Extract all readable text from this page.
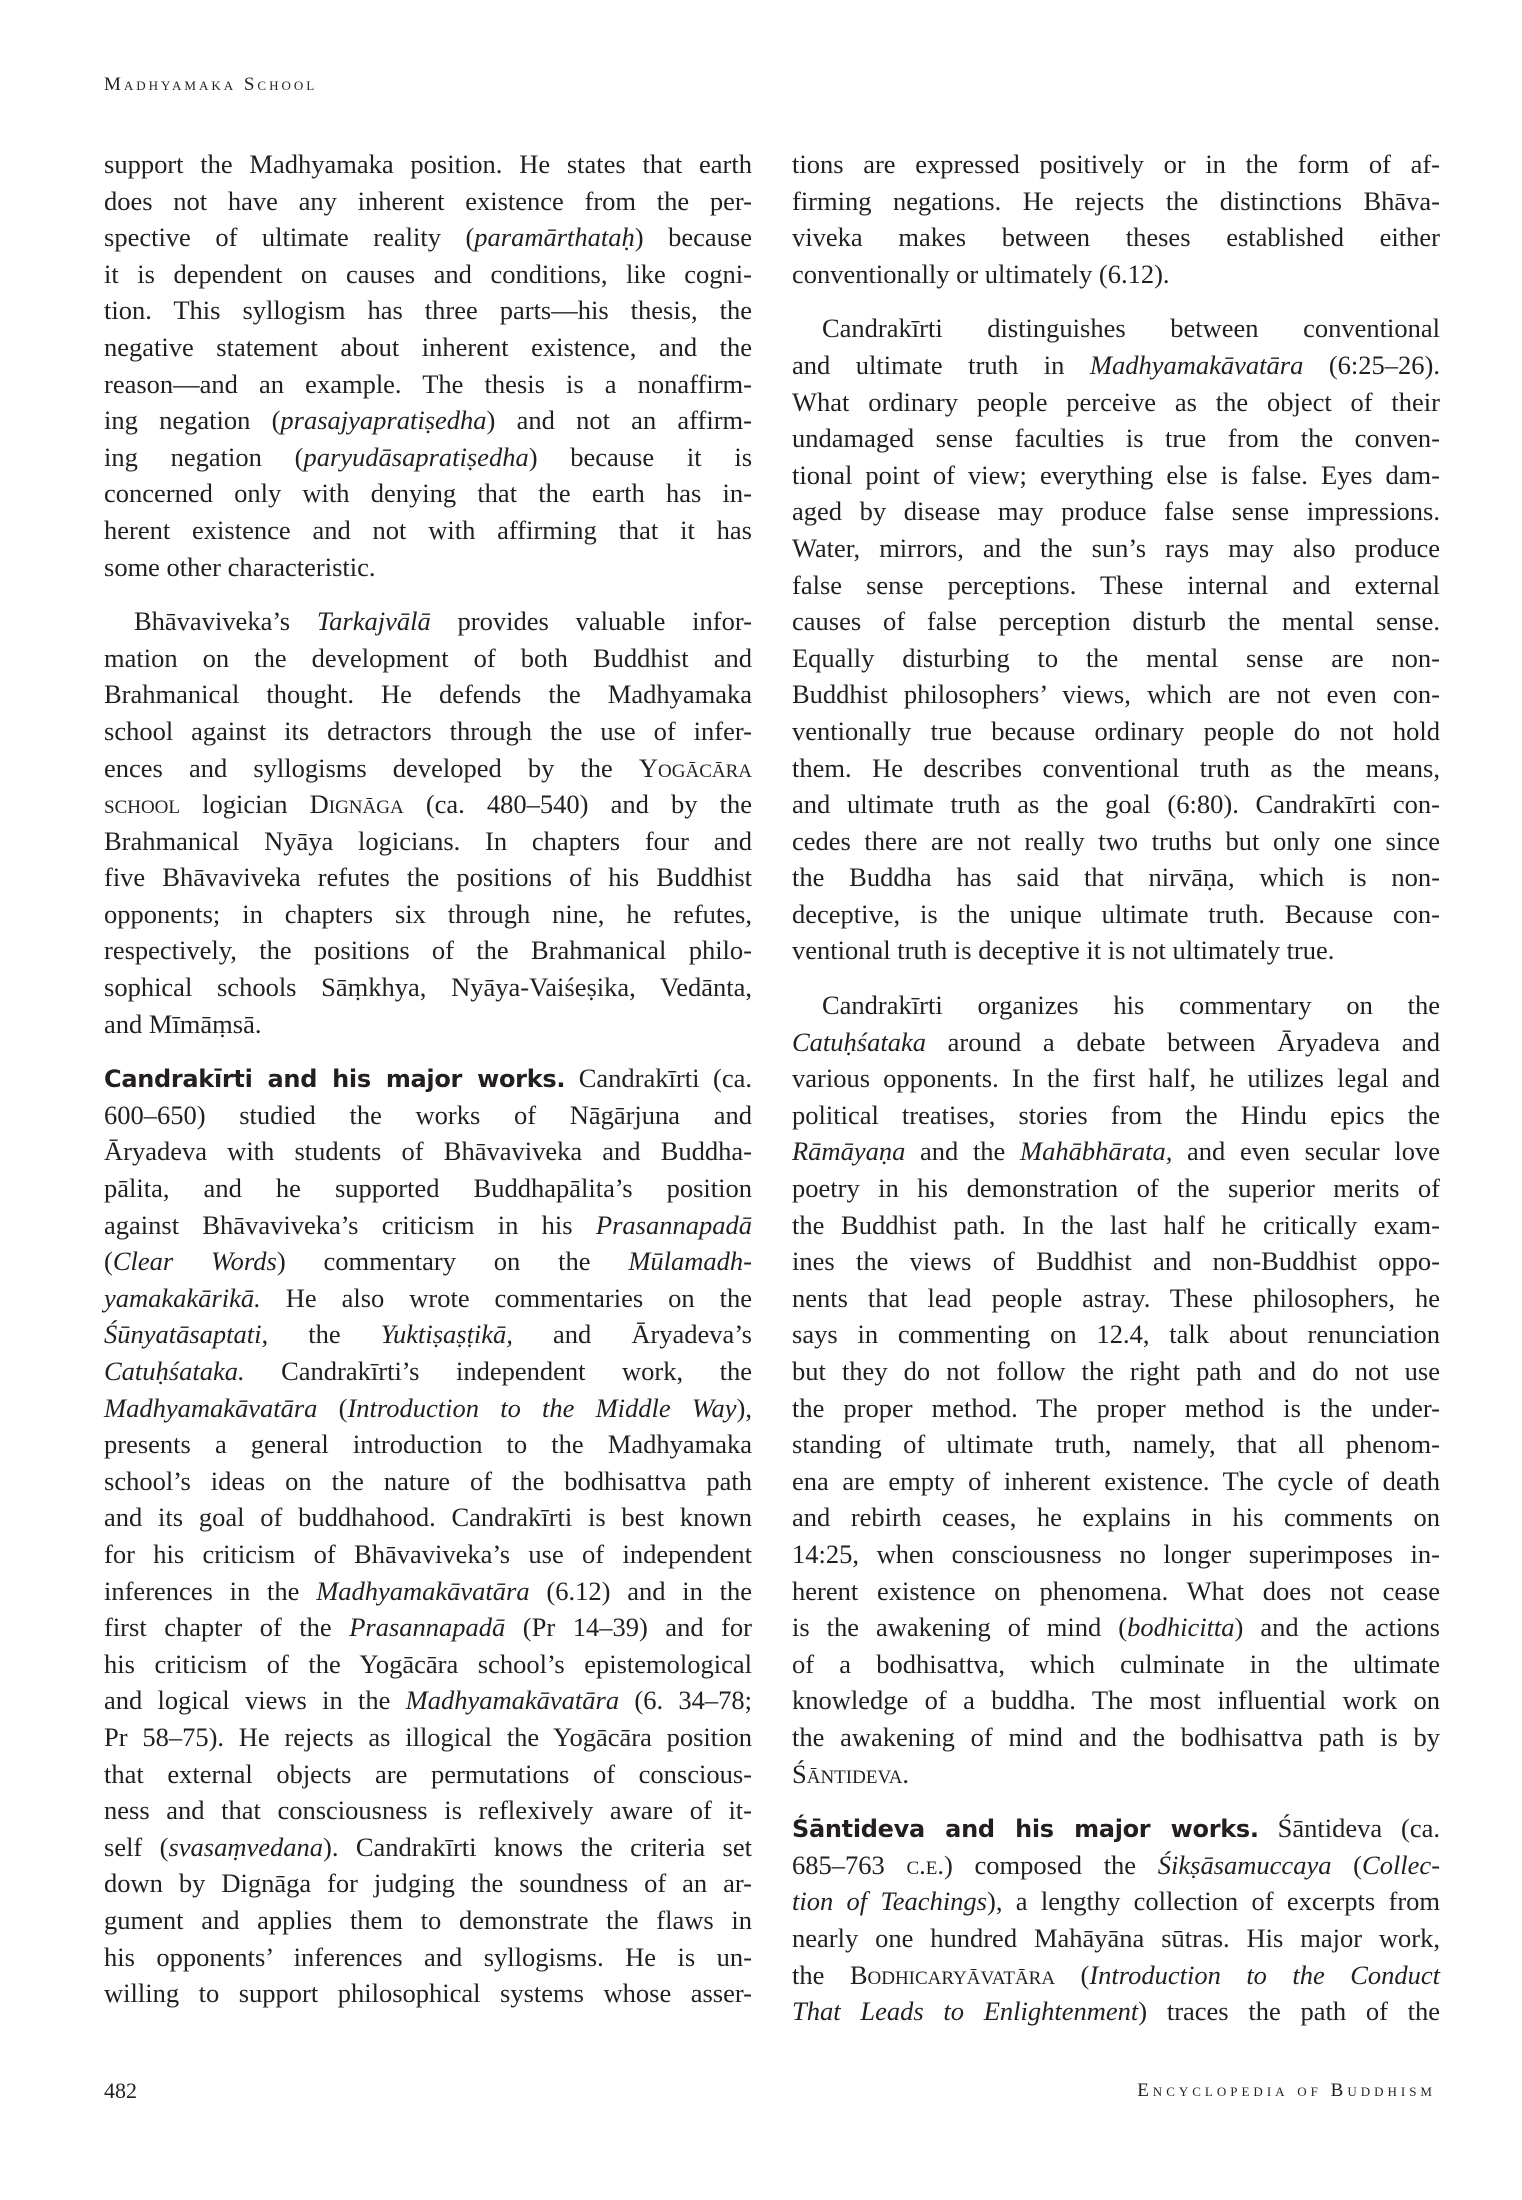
Madhyamaka School
support the Madhyamaka position. He states that earth
does not have any inherent existence from the per-
spective of ultimate reality (paramārthataḥ) because
it is dependent on causes and conditions, like cogni-
tion. This syllogism has three parts—his thesis, the
negative statement about inherent existence, and the
reason—and an example. The thesis is a nonaffirm-
ing negation (prasajyapratiṣedha) and not an affirm-
ing negation (paryudāsapratiṣedha) because it is
concerned only with denying that the earth has in-
herent existence and not with affirming that it has
some other characteristic.
Bhāvaviveka’s Tarkajvālā provides valuable infor-
mation on the development of both Buddhist and
Brahmanical thought. He defends the Madhyamaka
school against its detractors through the use of infer-
ences and syllogisms developed by the Yogācāra
school logician Dignāga (ca. 480–540) and by the
Brahmanical Nyāya logicians. In chapters four and
five Bhāvaviveka refutes the positions of his Buddhist
opponents; in chapters six through nine, he refutes,
respectively, the positions of the Brahmanical philo-
sophical schools Sāṃkhya, Nyāya-Vaiśeṣika, Vedānta,
and Mīmāṃsā.
Candrakīrti and his major works. Candrakīrti (ca.
600–650) studied the works of Nāgārjuna and
Āryadeva with students of Bhāvaviveka and Buddha-
pālita, and he supported Buddhapālita’s position
against Bhāvaviveka’s criticism in his Prasannapadā
(Clear Words) commentary on the Mūlamadh-
yamakakārikā. He also wrote commentaries on the
Śūnyatāsaptati, the Yuktiṣaṣṭikā, and Āryadeva’s
Catuḥśataka. Candrakīrti’s independent work, the
Madhyamakāvatāra (Introduction to the Middle Way),
presents a general introduction to the Madhyamaka
school’s ideas on the nature of the bodhisattva path
and its goal of buddhahood. Candrakīrti is best known
for his criticism of Bhāvaviveka’s use of independent
inferences in the Madhyamakāvatāra (6.12) and in the
first chapter of the Prasannapadā (Pr 14–39) and for
his criticism of the Yogācāra school’s epistemological
and logical views in the Madhyamakāvatāra (6. 34–78;
Pr 58–75). He rejects as illogical the Yogācāra position
that external objects are permutations of conscious-
ness and that consciousness is reflexively aware of it-
self (svasaṃvedana). Candrakīrti knows the criteria set
down by Dignāga for judging the soundness of an ar-
gument and applies them to demonstrate the flaws in
his opponents’ inferences and syllogisms. He is un-
willing to support philosophical systems whose asser-
tions are expressed positively or in the form of af-
firming negations. He rejects the distinctions Bhāva-
viveka makes between theses established either
conventionally or ultimately (6.12).
Candrakīrti distinguishes between conventional
and ultimate truth in Madhyamakāvatāra (6:25–26).
What ordinary people perceive as the object of their
undamaged sense faculties is true from the conven-
tional point of view; everything else is false. Eyes dam-
aged by disease may produce false sense impressions.
Water, mirrors, and the sun’s rays may also produce
false sense perceptions. These internal and external
causes of false perception disturb the mental sense.
Equally disturbing to the mental sense are non-
Buddhist philosophers’ views, which are not even con-
ventionally true because ordinary people do not hold
them. He describes conventional truth as the means,
and ultimate truth as the goal (6:80). Candrakīrti con-
cedes there are not really two truths but only one since
the Buddha has said that nirvāṇa, which is non-
deceptive, is the unique ultimate truth. Because con-
ventional truth is deceptive it is not ultimately true.
Candrakīrti organizes his commentary on the
Catuḥśataka around a debate between Āryadeva and
various opponents. In the first half, he utilizes legal and
political treatises, stories from the Hindu epics the
Rāmāyaṇa and the Mahābhārata, and even secular love
poetry in his demonstration of the superior merits of
the Buddhist path. In the last half he critically exam-
ines the views of Buddhist and non-Buddhist oppo-
nents that lead people astray. These philosophers, he
says in commenting on 12.4, talk about renunciation
but they do not follow the right path and do not use
the proper method. The proper method is the under-
standing of ultimate truth, namely, that all phenom-
ena are empty of inherent existence. The cycle of death
and rebirth ceases, he explains in his comments on
14:25, when consciousness no longer superimposes in-
herent existence on phenomena. What does not cease
is the awakening of mind (bodhicitta) and the actions
of a bodhisattva, which culminate in the ultimate
knowledge of a buddha. The most influential work on
the awakening of mind and the bodhisattva path is by
Śāntideva.
Śāntideva and his major works. Śāntideva (ca.
685–763 c.e.) composed the Śikṣāsamuccaya (Collec-
tion of Teachings), a lengthy collection of excerpts from
nearly one hundred Mahāyāna sūtras. His major work,
the Bodhicaryāvatāra (Introduction to the Conduct
That Leads to Enlightenment) traces the path of the
482	Encyclopedia of Buddhism
